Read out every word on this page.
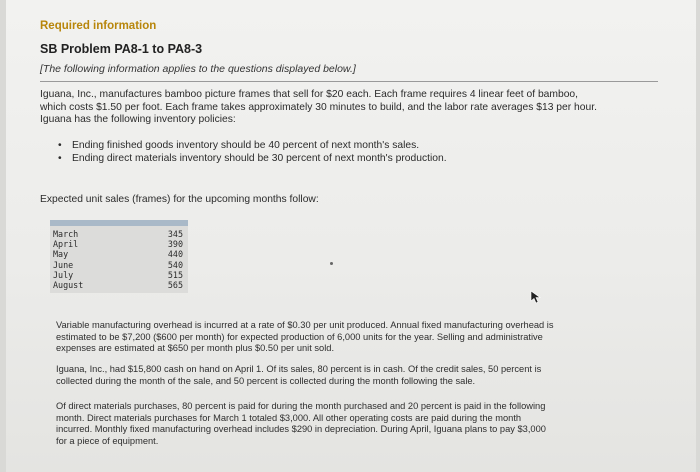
Required information
SB Problem PA8-1 to PA8-3
[The following information applies to the questions displayed below.]
Iguana, Inc., manufactures bamboo picture frames that sell for $20 each. Each frame requires 4 linear feet of bamboo,
which costs $1.50 per foot. Each frame takes approximately 30 minutes to build, and the labor rate averages $13 per hour.
Iguana has the following inventory policies:
• Ending finished goods inventory should be 40 percent of next month's sales.
• Ending direct materials inventory should be 30 percent of next month's production.
Expected unit sales (frames) for the upcoming months follow:
March	345
April	390
May	440
June	540
July	515
August	565
Variable manufacturing overhead is incurred at a rate of $0.30 per unit produced. Annual fixed manufacturing overhead is
estimated to be $7,200 ($600 per month) for expected production of 6,000 units for the year. Selling and administrative
expenses are estimated at $650 per month plus $0.50 per unit sold.
Iguana, Inc., had $15,800 cash on hand on April 1. Of its sales, 80 percent is in cash. Of the credit sales, 50 percent is
collected during the month of the sale, and 50 percent is collected during the month following the sale.
Of direct materials purchases, 80 percent is paid for during the month purchased and 20 percent is paid in the following
month. Direct materials purchases for March 1 totaled $3,000. All other operating costs are paid during the month
incurred. Monthly fixed manufacturing overhead includes $290 in depreciation. During April, Iguana plans to pay $3,000
for a piece of equipment.
